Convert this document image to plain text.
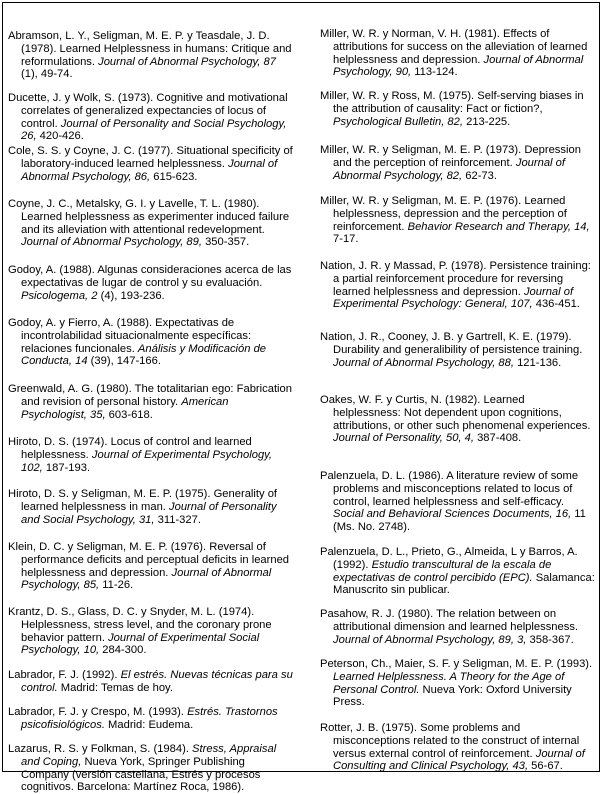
Abramson, L. Y., Seligman, M. E. P. y Teasdale, J. D. (1978). Learned Helplessness in humans: Critique and reformulations. Journal of Abnormal Psychology, 87 (1), 49-74.

Ducette, J. y Wolk, S. (1973). Cognitive and motivational correlates of generalized expectancies of locus of control. Journal of Personality and Social Psychology, 26, 420-426.

Cole, S. S. y Coyne, J. C. (1977). Situational specificity of laboratory-induced learned helplessness. Journal of Abnormal Psychology, 86, 615-623.

Coyne, J. C., Metalsky, G. I. y Lavelle, T. L. (1980). Learned helplessness as experimenter induced failure and its alleviation with attentional redevelopment. Journal of Abnormal Psychology, 89, 350-357.

Godoy, A. (1988). Algunas consideraciones acerca de las expectativas de lugar de control y su evaluación. Psicologema, 2 (4), 193-236.

Godoy, A. y Fierro, A. (1988). Expectativas de incontrolabilidad situacionalmente específicas: relaciones funcionales. Análisis y Modificación de Conducta, 14 (39), 147-166.

Greenwald, A. G. (1980). The totalitarian ego: Fabrication and revision of personal history. American Psychologist, 35, 603-618.

Hiroto, D. S. (1974). Locus of control and learned helplessness. Journal of Experimental Psychology, 102, 187-193.

Hiroto, D. S. y Seligman, M. E. P. (1975). Generality of learned helplessness in man. Journal of Personality and Social Psychology, 31, 311-327.

Klein, D. C. y Seligman, M. E. P. (1976). Reversal of performance deficits and perceptual deficits in learned helplessness and depression. Journal of Abnormal Psychology, 85, 11-26.

Krantz, D. S., Glass, D. C. y Snyder, M. L. (1974). Helplessness, stress level, and the coronary prone behavior pattern. Journal of Experimental Social Psychology, 10, 284-300.

Labrador, F. J. (1992). El estrés. Nuevas técnicas para su control. Madrid: Temas de hoy.

Labrador, F. J. y Crespo, M. (1993). Estrés. Trastornos psicofisiológicos. Madrid: Eudema.

Lazarus, R. S. y Folkman, S. (1984). Stress, Appraisal and Coping, Nueva York, Springer Publishing Company (versión castellana, Estrés y procesos cognitivos. Barcelona: Martínez Roca, 1986).

Miller, W. R. y Norman, V. H. (1981). Effects of attributions for success on the alleviation of learned helplessness and depression. Journal of Abnormal Psychology, 90, 113-124.

Miller, W. R. y Ross, M. (1975). Self-serving biases in the attribution of causality: Fact or fiction?, Psychological Bulletin, 82, 213-225.

Miller, W. R. y Seligman, M. E. P. (1973). Depression and the perception of reinforcement. Journal of Abnormal Psychology, 82, 62-73.

Miller, W. R. y Seligman, M. E. P. (1976). Learned helplessness, depression and the perception of reinforcement. Behavior Research and Therapy, 14, 7-17.

Nation, J. R. y Massad, P. (1978). Persistence training: a partial reinforcement procedure for reversing learned helplessness and depression. Journal of Experimental Psychology: General, 107, 436-451.

Nation, J. R., Cooney, J. B. y Gartrell, K. E. (1979). Durability and generalibility of persistence training. Journal of Abnormal Psychology, 88, 121-136.

Oakes, W. F. y Curtis, N. (1982). Learned helplessness: Not dependent upon cognitions, attributions, or other such phenomenal experiences. Journal of Personality, 50, 4, 387-408.

Palenzuela, D. L. (1986). A literature review of some problems and misconceptions related to locus of control, learned helplessness and self-efficacy. Social and Behavioral Sciences Documents, 16, 11 (Ms. No. 2748).

Palenzuela, D. L., Prieto, G., Almeida, L y Barros, A. (1992). Estudio transcultural de la escala de expectativas de control percibido (EPC). Salamanca: Manuscrito sin publicar.

Pasahow, R. J. (1980). The relation between on attributional dimension and learned helplessness. Journal of Abnormal Psychology, 89, 3, 358-367.

Peterson, Ch., Maier, S. F. y Seligman, M. E. P. (1993). Learned Helplessness. A Theory for the Age of Personal Control. Nueva York: Oxford University Press.

Rotter, J. B. (1975). Some problems and misconceptions related to the construct of internal versus external control of reinforcement. Journal of Consulting and Clinical Psychology, 43, 56-67.
